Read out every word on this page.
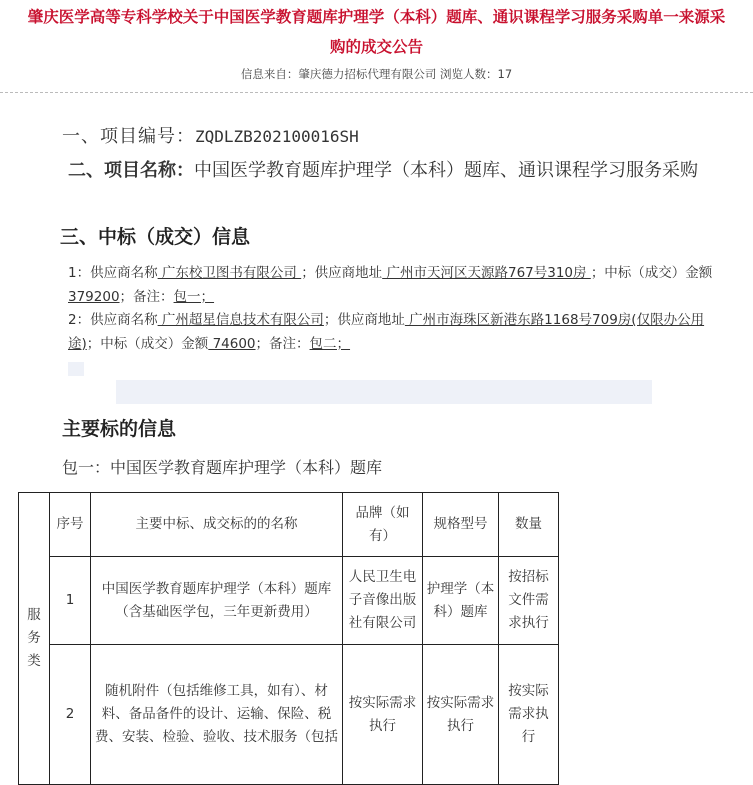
肇庆医学高等专科学校关于中国医学教育题库护理学（本科）题库、通识课程学习服务采购单一来源采
购的成交公告
信息来自：肇庆德力招标代理有限公司 浏览人数：17
一、项目编号：ZQDLZB202100016SH
二、项目名称：中国医学教育题库护理学（本科）题库、通识课程学习服务采购
三、中标（成交）信息
1：供应商名称 广东校卫图书有限公司 ；供应商地址 广州市天河区天源路767号310房 ；中标（成交）金额 379200；备注：包一；
2：供应商名称 广州超星信息技术有限公司；供应商地址 广州市海珠区新港东路1168号709房(仅限办公用途)；中标（成交）金额 74600；备注：包二；
主要标的信息
包一：中国医学教育题库护理学（本科）题库
服务类	序号	主要中标、成交标的的名称	品牌（如有）	规格型号	数量
	1	中国医学教育题库护理学（本科）题库（含基础医学包，三年更新费用）	人民卫生电子音像出版社有限公司	护理学（本科）题库	按招标文件需求执行
	2	随机附件（包括维修工具，如有）、材料、备品备件的设计、运输、保险、税费、安装、检验、验收、技术服务（包括	按实际需求执行	按实际需求执行	按实际需求执行
